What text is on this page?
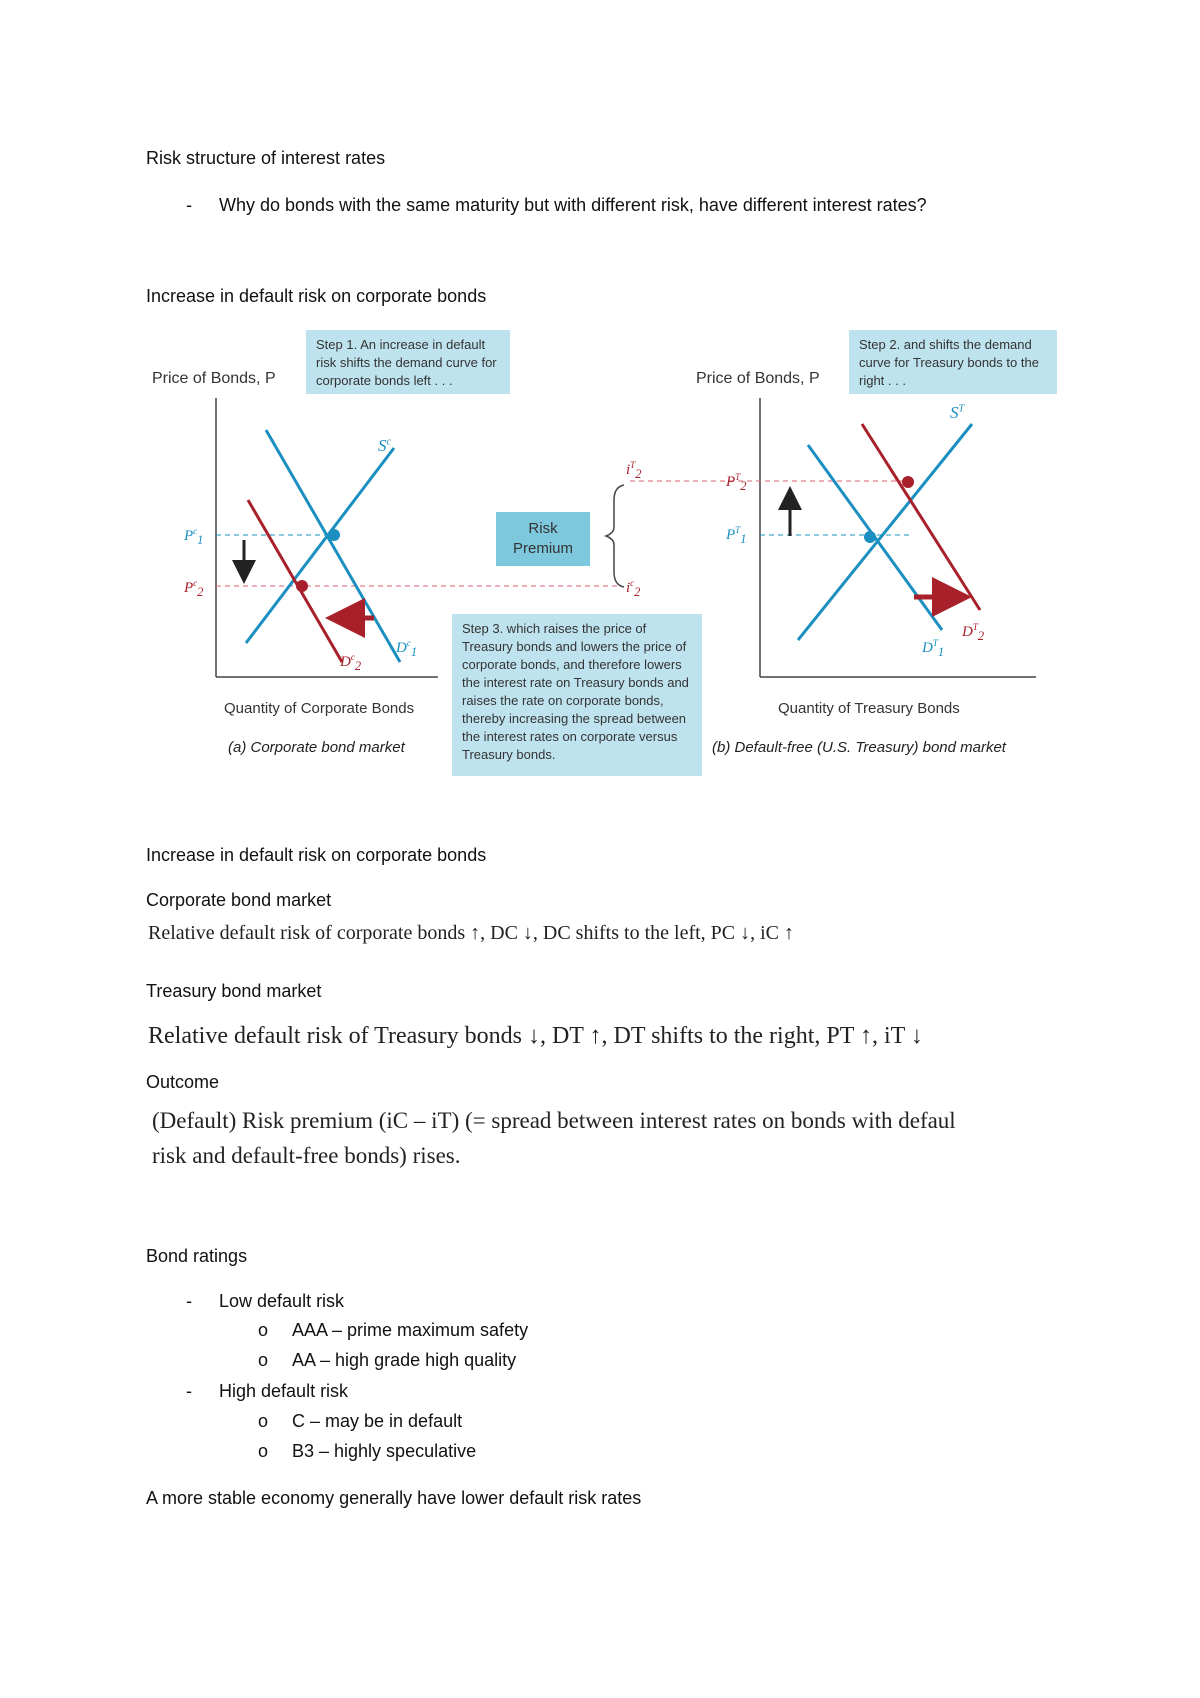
Risk structure of interest rates
- Why do bonds with the same maturity but with different risk, have different interest rates?
Increase in default risk on corporate bonds
Risk
Premium
Price of Bonds, P	Price of Bonds, P
Quantity of Corporate Bonds	Quantity of Treasury Bonds
(a) Corporate bond market	(b) Default-free (U.S. Treasury) bond market
Step 1. An increase in default risk shifts the demand curve for corporate bonds left . . .
Step 2. and shifts the demand curve for Treasury bonds to the right . . .
Step 3. which raises the price of Treasury bonds and lowers the price of corporate bonds, and therefore lowers the interest rate on Treasury bonds and raises the rate on corporate bonds, thereby increasing the spread between the interest rates on corporate versus Treasury bonds.
$S^c$
$S^T$
$P^c_1$
$P^c_2$
$D^c_1$
$D^c_2$
$P^T_2$
$P^T_1$
$D^T_1$
$D^T_2$
$i^T_2$
$i^c_2$
Increase in default risk on corporate bonds
Corporate bond market
Relative default risk of corporate bonds ↑, DC ↓, DC shifts to the left, PC ↓, iC ↑
Treasury bond market
Relative default risk of Treasury bonds ↓, DT ↑, DT shifts to the right, PT ↑, iT ↓
Outcome
(Default) Risk premium (iC – iT) (= spread between interest rates on bonds with defaul
risk and default-free bonds) rises.
Bond ratings
- Low default risk
o AAA – prime maximum safety
o AA – high grade high quality
- High default risk
o C – may be in default
o B3 – highly speculative
A more stable economy generally have lower default risk rates
